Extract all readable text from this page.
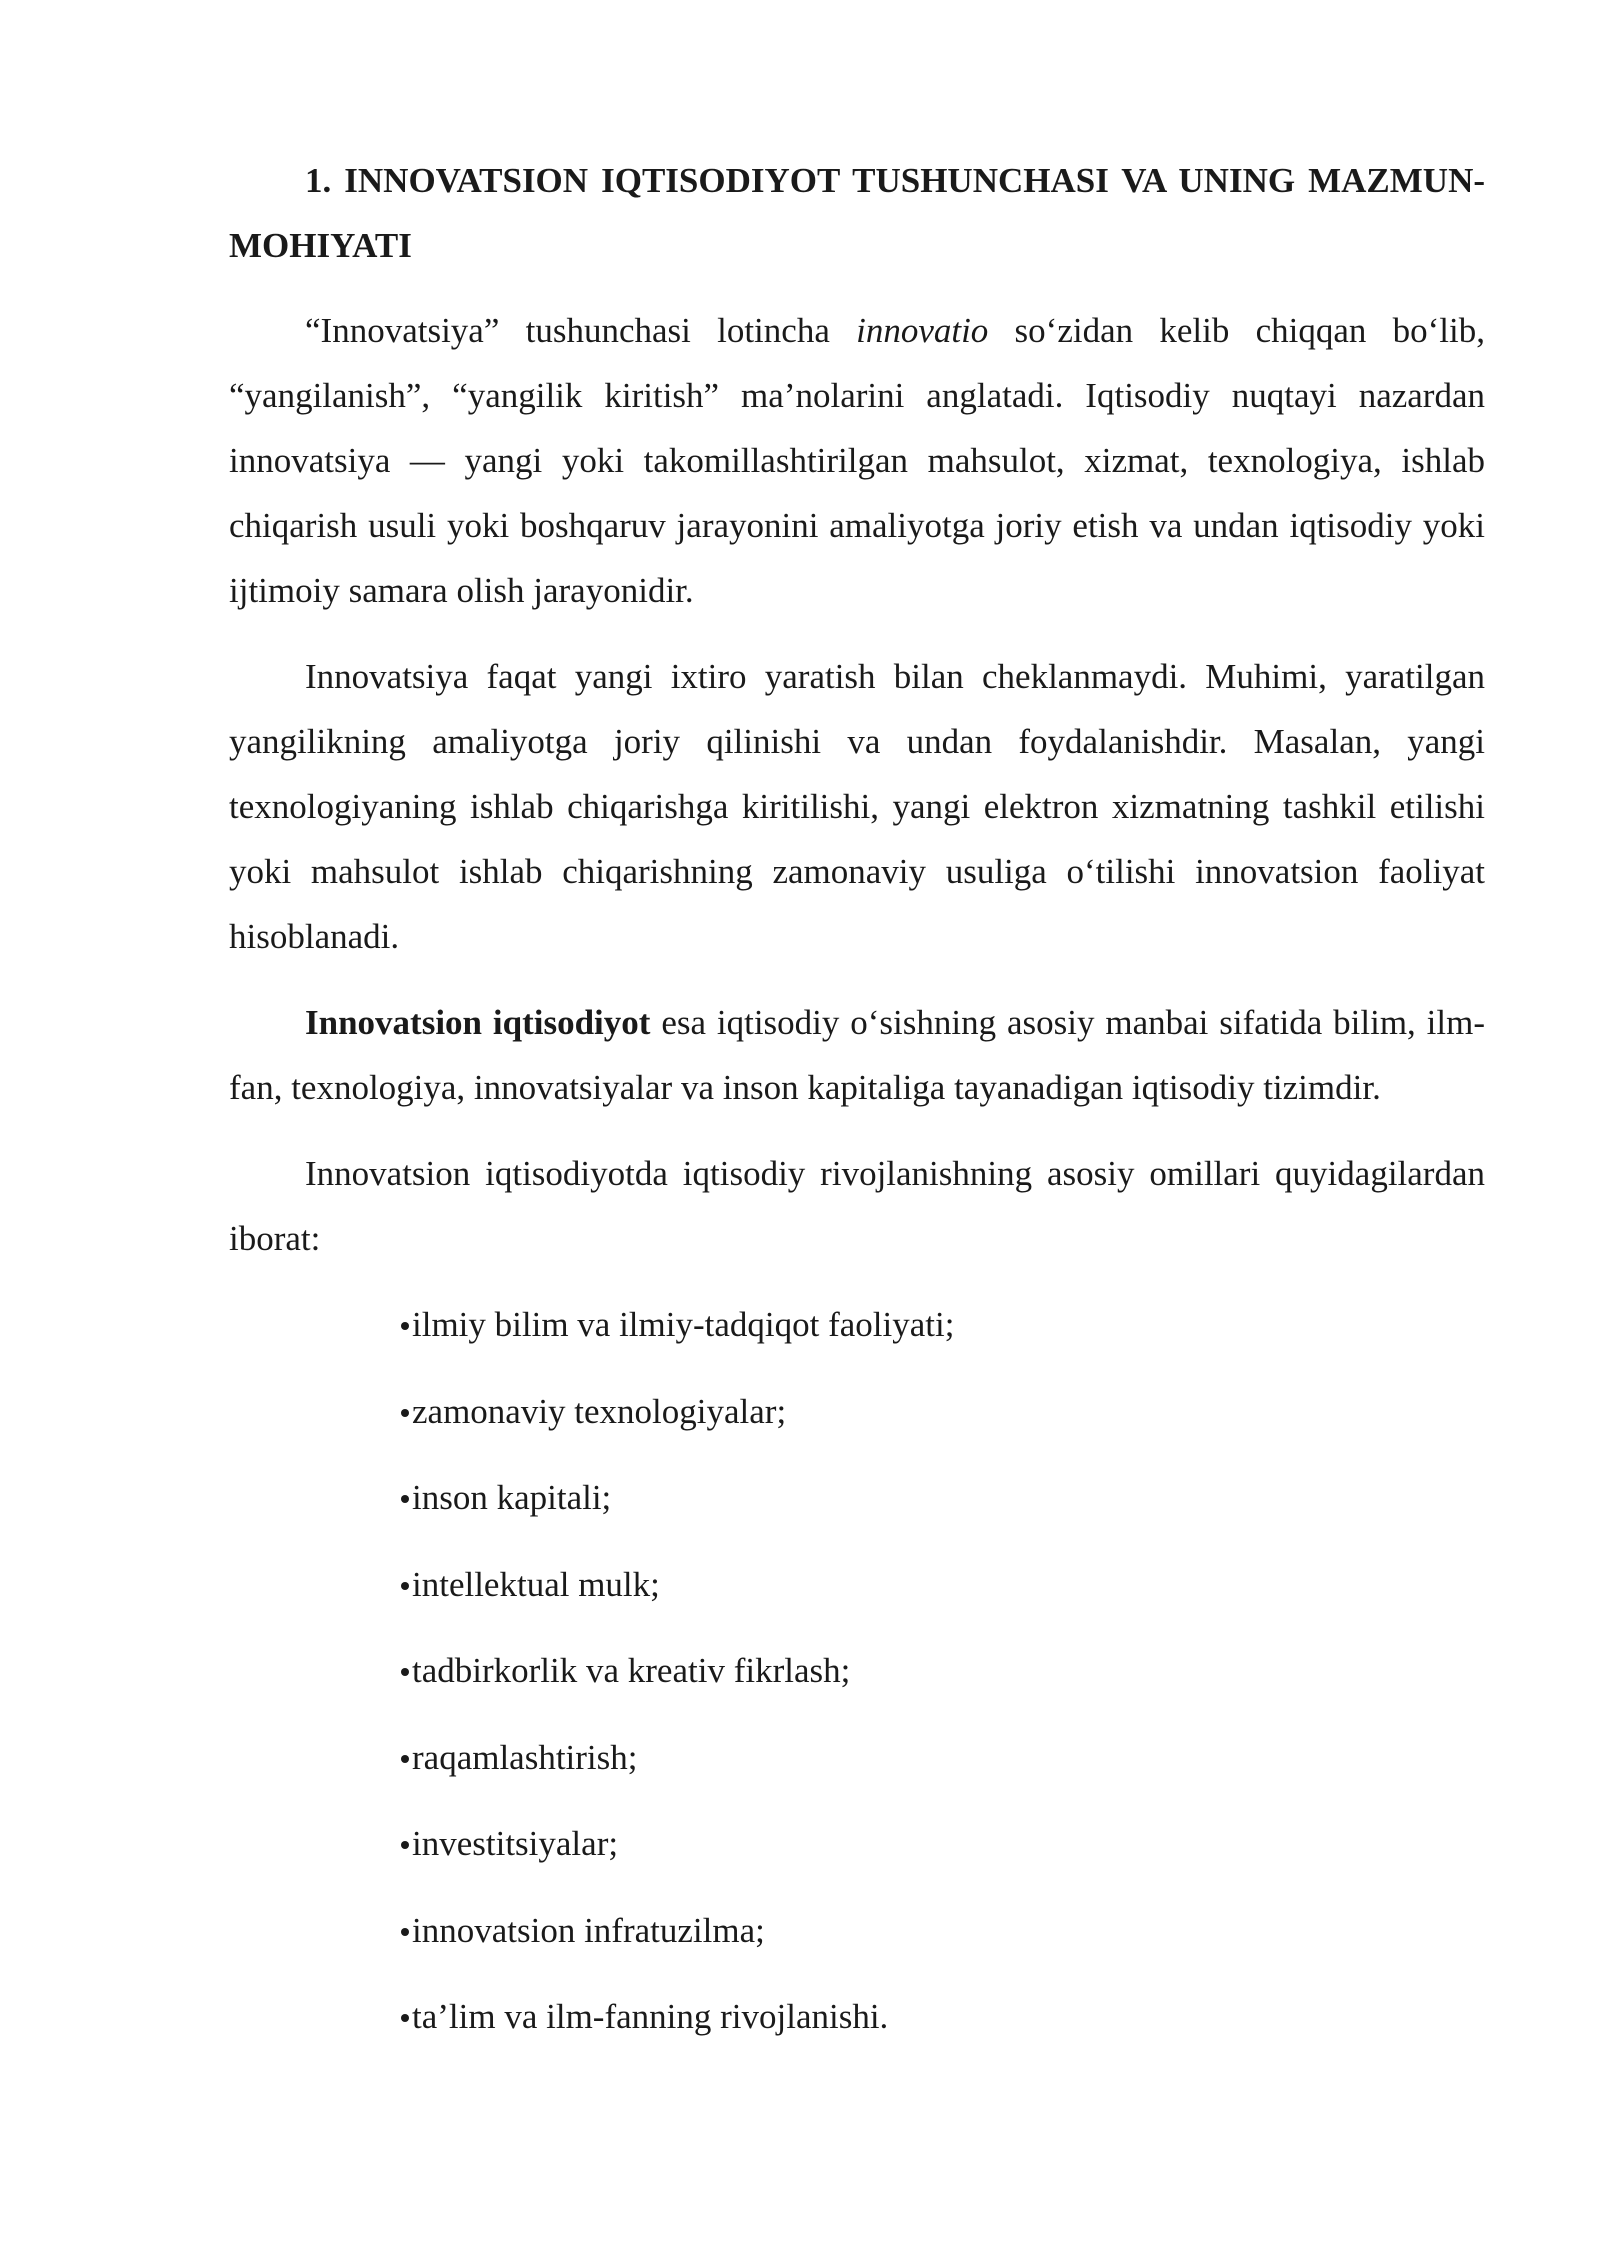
1. INNOVATSION IQTISODIYOT TUSHUNCHASI VA UNING MAZMUN-MOHIYATI

“Innovatsiya” tushunchasi lotincha innovatio so‘zidan kelib chiqqan bo‘lib, “yangilanish”, “yangilik kiritish” ma’nolarini anglatadi. Iqtisodiy nuqtayi nazardan innovatsiya — yangi yoki takomillashtirilgan mahsulot, xizmat, texnologiya, ishlab chiqarish usuli yoki boshqaruv jarayonini amaliyotga joriy etish va undan iqtisodiy yoki ijtimoiy samara olish jarayonidir.

Innovatsiya faqat yangi ixtiro yaratish bilan cheklanmaydi. Muhimi, yaratilgan yangilikning amaliyotga joriy qilinishi va undan foydalanishdir. Masalan, yangi texnologiyaning ishlab chiqarishga kiritilishi, yangi elektron xizmatning tashkil etilishi yoki mahsulot ishlab chiqarishning zamonaviy usuliga o‘tilishi innovatsion faoliyat hisoblanadi.

Innovatsion iqtisodiyot esa iqtisodiy o‘sishning asosiy manbai sifatida bilim, ilm-fan, texnologiya, innovatsiyalar va inson kapitaliga tayanadigan iqtisodiy tizimdir.

Innovatsion iqtisodiyotda iqtisodiy rivojlanishning asosiy omillari quyidagilardan iborat:

ilmiy bilim va ilmiy-tadqiqot faoliyati;
zamonaviy texnologiyalar;
inson kapitali;
intellektual mulk;
tadbirkorlik va kreativ fikrlash;
raqamlashtirish;
investitsiyalar;
innovatsion infratuzilma;
ta’lim va ilm-fanning rivojlanishi.
